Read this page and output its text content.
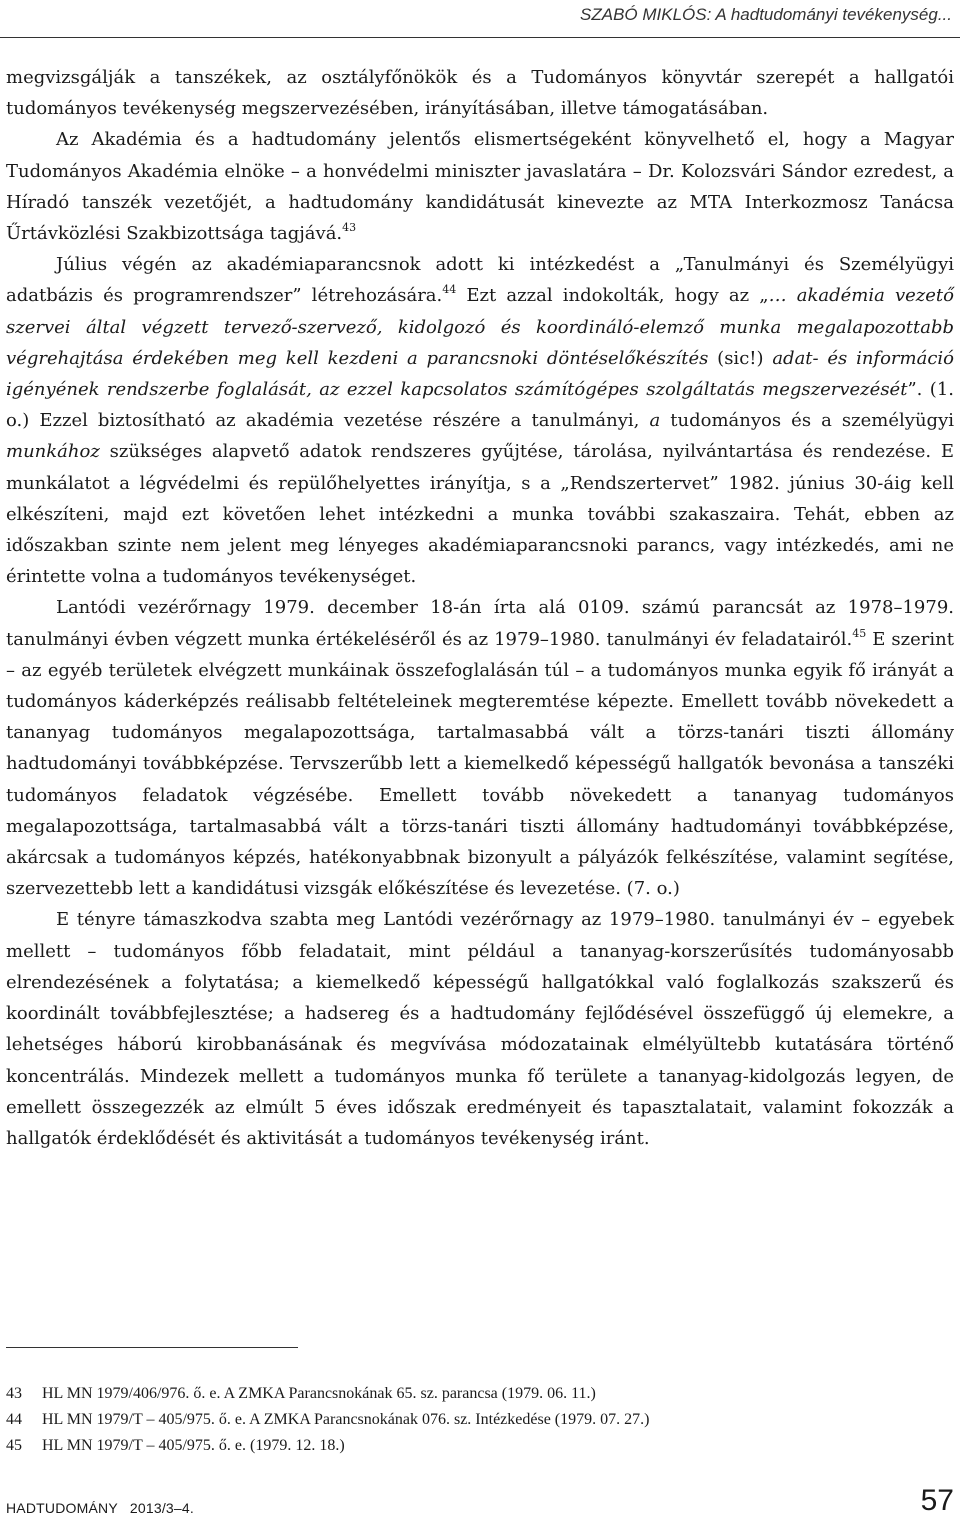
SZABÓ MIKLÓS: A hadtudományi tevékenység...

megvizsgálják a tanszékek, az osztályfőnökök és a Tudományos könyvtár szerepét a hallgatói tudományos tevékenység megszervezésében, irányításában, illetve támogatásában.

Az Akadémia és a hadtudomány jelentős elismertségeként könyvelhető el, hogy a Magyar Tudományos Akadémia elnöke – a honvédelmi miniszter javaslatára – Dr. Kolozsvári Sándor ezredest, a Híradó tanszék vezetőjét, a hadtudomány kandidátusát kinevezte az MTA Interkozmosz Tanácsa Űrtávközlési Szakbizottsága tagjává.$^{43}$

Július végén az akadémiaparancsnok adott ki intézkedést a „Tanulmányi és Személyügyi adatbázis és programrendszer” létrehozására.$^{44}$ Ezt azzal indokolták, hogy az „… akadémia vezető szervei által végzett tervező-szervező, kidolgozó és koordináló-elemző munka megalapozottabb végrehajtása érdekében meg kell kezdeni a parancsnoki döntéselőkészítés (sic!) adat- és információ igényének rendszerbe foglalását, az ezzel kapcsolatos számítógépes szolgáltatás megszervezését”. (1. o.) Ezzel biztosítható az akadémia vezetése részére a tanulmányi, a tudományos és a személyügyi munkához szükséges alapvető adatok rendszeres gyűjtése, tárolása, nyilvántartása és rendezése. E munkálatot a légvédelmi és repülőhelyettes irányítja, s a „Rendszertervet” 1982. június 30-áig kell elkészíteni, majd ezt követően lehet intézkedni a munka további szakaszaira. Tehát, ebben az időszakban szinte nem jelent meg lényeges akadémiaparancsnoki parancs, vagy intézkedés, ami ne érintette volna a tudományos tevékenységet.

Lantódi vezérőrnagy 1979. december 18-án írta alá 0109. számú parancsát az 1978–1979. tanulmányi évben végzett munka értékeléséről és az 1979–1980. tanulmányi év feladatairól.$^{45}$ E szerint – az egyéb területek elvégzett munkáinak összefoglalásán túl – a tudományos munka egyik fő irányát a tudományos káderképzés reálisabb feltételeinek megteremtése képezte. Emellett tovább növekedett a tananyag tudományos megalapozottsága, tartalmasabbá vált a törzs-tanári tiszti állomány hadtudományi továbbképzése. Tervszerűbb lett a kiemelkedő képességű hallgatók bevonása a tanszéki tudományos feladatok végzésébe. Emellett tovább növekedett a tananyag tudományos megalapozottsága, tartalmasabbá vált a törzs-tanári tiszti állomány hadtudományi továbbképzése, akárcsak a tudományos képzés, hatékonyabbnak bizonyult a pályázók felkészítése, valamint segítése, szervezettebb lett a kandidátusi vizsgák előkészítése és levezetése. (7. o.)

E tényre támaszkodva szabta meg Lantódi vezérőrnagy az 1979–1980. tanulmányi év – egyebek mellett – tudományos főbb feladatait, mint például a tananyag-korszerűsítés tudományosabb elrendezésének a folytatása; a kiemelkedő képességű hallgatókkal való foglalkozás szakszerű és koordinált továbbfejlesztése; a hadsereg és a hadtudomány fejlődésével összefüggő új elemekre, a lehetséges háború kirobbanásának és megvívása módozatainak elmélyültebb kutatására történő koncentrálás. Mindezek mellett a tudományos munka fő területe a tananyag-kidolgozás legyen, de emellett összegezzék az elmúlt 5 éves időszak eredményeit és tapasztalatait, valamint fokozzák a hallgatók érdeklődését és aktivitását a tudományos tevékenység iránt.

43	HL MN 1979/406/976. ő. e. A ZMKA Parancsnokának 65. sz. parancsa (1979. 06. 11.)
44	HL MN 1979/T – 405/975. ő. e. A ZMKA Parancsnokának 076. sz. Intézkedése (1979. 07. 27.)
45	HL MN 1979/T – 405/975. ő. e. (1979. 12. 18.)
HADTUDOMÁNY 2013/3–4.	57
